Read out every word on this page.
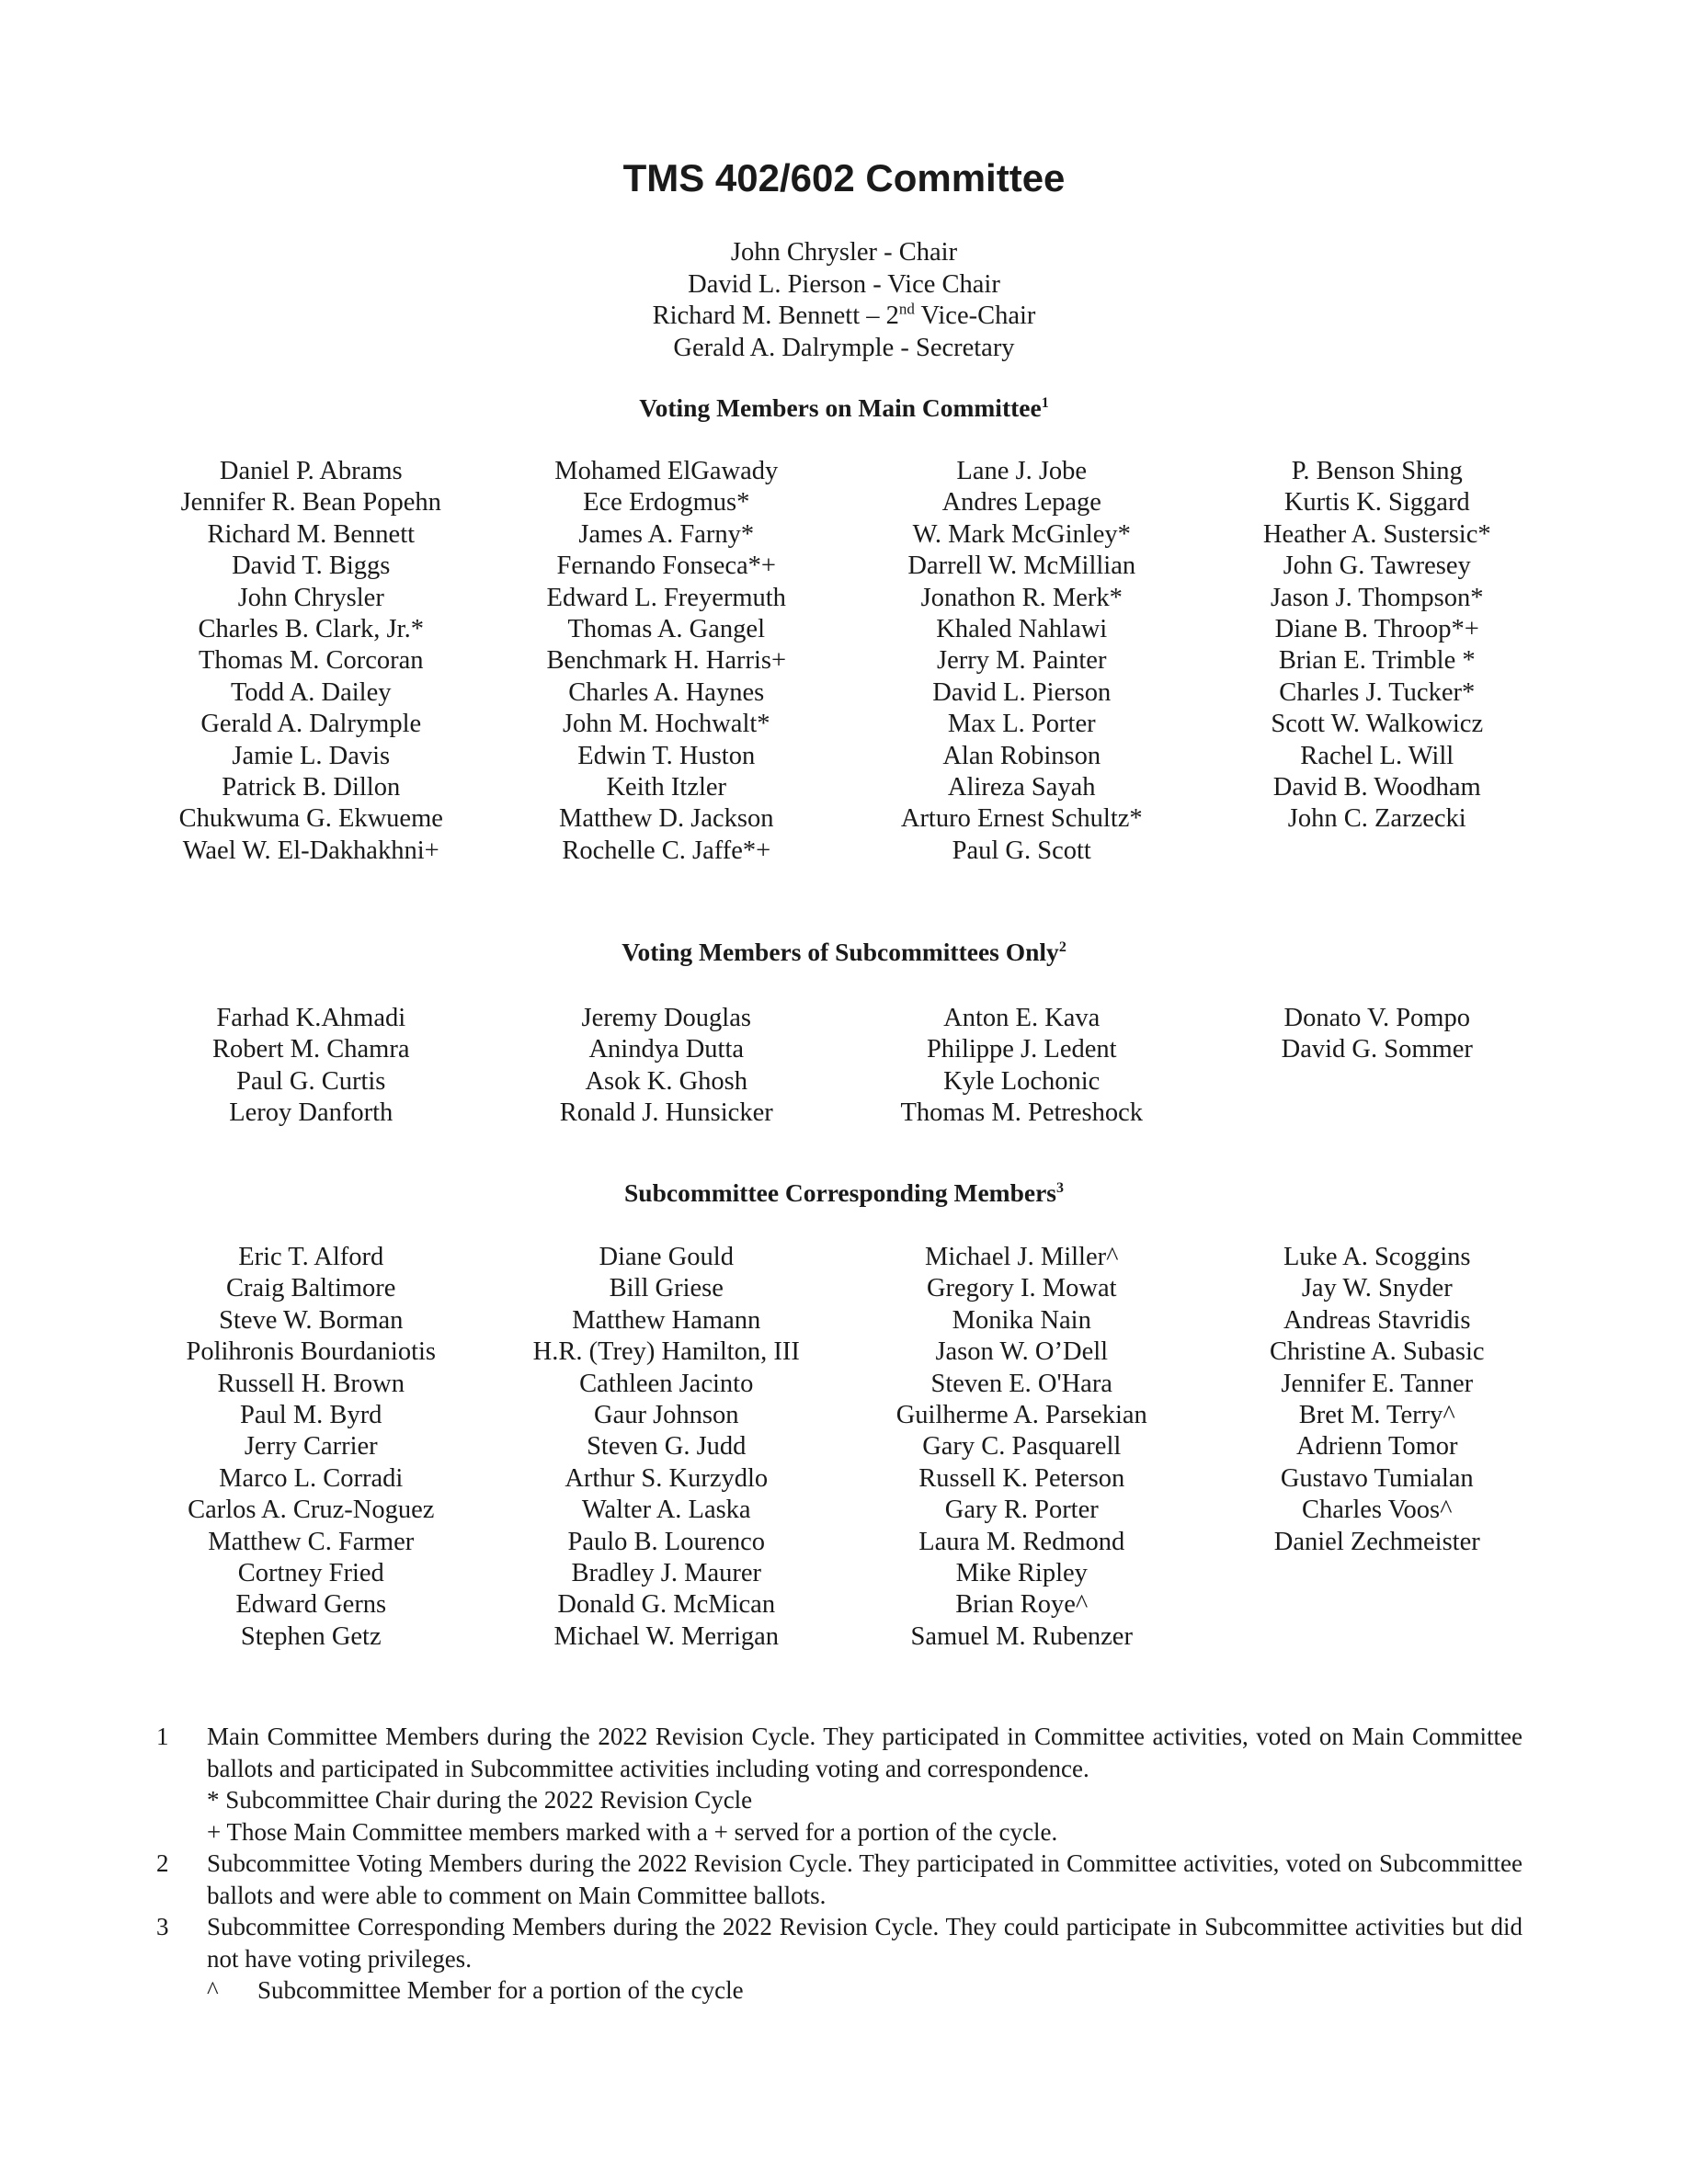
TMS 402/602 Committee
John Chrysler - Chair
David L. Pierson - Vice Chair
Richard M. Bennett – 2nd Vice-Chair
Gerald A. Dalrymple - Secretary
Voting Members on Main Committee$^1$
Daniel P. Abrams
Jennifer R. Bean Popehn
Richard M. Bennett
David T. Biggs
John Chrysler
Charles B. Clark, Jr.*
Thomas M. Corcoran
Todd A. Dailey
Gerald A. Dalrymple
Jamie L. Davis
Patrick B. Dillon
Chukwuma G. Ekwueme
Wael W. El-Dakhakhni+
Mohamed ElGawady
Ece Erdogmus*
James A. Farny*
Fernando Fonseca*+
Edward L. Freyermuth
Thomas A. Gangel
Benchmark H. Harris+
Charles A. Haynes
John M. Hochwalt*
Edwin T. Huston
Keith Itzler
Matthew D. Jackson
Rochelle C. Jaffe*+
Lane J. Jobe
Andres Lepage
W. Mark McGinley*
Darrell W. McMillian
Jonathon R. Merk*
Khaled Nahlawi
Jerry M. Painter
David L. Pierson
Max L. Porter
Alan Robinson
Alireza Sayah
Arturo Ernest Schultz*
Paul G. Scott
P. Benson Shing
Kurtis K. Siggard
Heather A. Sustersic*
John G. Tawresey
Jason J. Thompson*
Diane B. Throop*+
Brian E. Trimble *
Charles J. Tucker*
Scott W. Walkowicz
Rachel L. Will
David B. Woodham
John C. Zarzecki
Voting Members of Subcommittees Only$^2$
Farhad K.Ahmadi
Robert M. Chamra
Paul G. Curtis
Leroy Danforth
Jeremy Douglas
Anindya Dutta
Asok K. Ghosh
Ronald J. Hunsicker
Anton E. Kava
Philippe J. Ledent
Kyle Lochonic
Thomas M. Petreshock
Donato V. Pompo
David G. Sommer
Subcommittee Corresponding Members$^3$
Eric T. Alford
Craig Baltimore
Steve W. Borman
Polihronis Bourdaniotis
Russell H. Brown
Paul M. Byrd
Jerry Carrier
Marco L. Corradi
Carlos A. Cruz-Noguez
Matthew C. Farmer
Cortney Fried
Edward Gerns
Stephen Getz
Diane Gould
Bill Griese
Matthew Hamann
H.R. (Trey) Hamilton, III
Cathleen Jacinto
Gaur Johnson
Steven G. Judd
Arthur S. Kurzydlo
Walter A. Laska
Paulo B. Lourenco
Bradley J. Maurer
Donald G. McMican
Michael W. Merrigan
Michael J. Miller^
Gregory I. Mowat
Monika Nain
Jason W. O’Dell
Steven E. O'Hara
Guilherme A. Parsekian
Gary C. Pasquarell
Russell K. Peterson
Gary R. Porter
Laura M. Redmond
Mike Ripley
Brian Roye^
Samuel M. Rubenzer
Luke A. Scoggins
Jay W. Snyder
Andreas Stavridis
Christine A. Subasic
Jennifer E. Tanner
Bret M. Terry^
Adrienn Tomor
Gustavo Tumialan
Charles Voos^
Daniel Zechmeister
1 Main Committee Members during the 2022 Revision Cycle. They participated in Committee activities, voted on Main Committee ballots and participated in Subcommittee activities including voting and correspondence.
* Subcommittee Chair during the 2022 Revision Cycle
+ Those Main Committee members marked with a + served for a portion of the cycle.
2 Subcommittee Voting Members during the 2022 Revision Cycle. They participated in Committee activities, voted on Subcommittee ballots and were able to comment on Main Committee ballots.
3 Subcommittee Corresponding Members during the 2022 Revision Cycle. They could participate in Subcommittee activities but did not have voting privileges.
^ Subcommittee Member for a portion of the cycle
